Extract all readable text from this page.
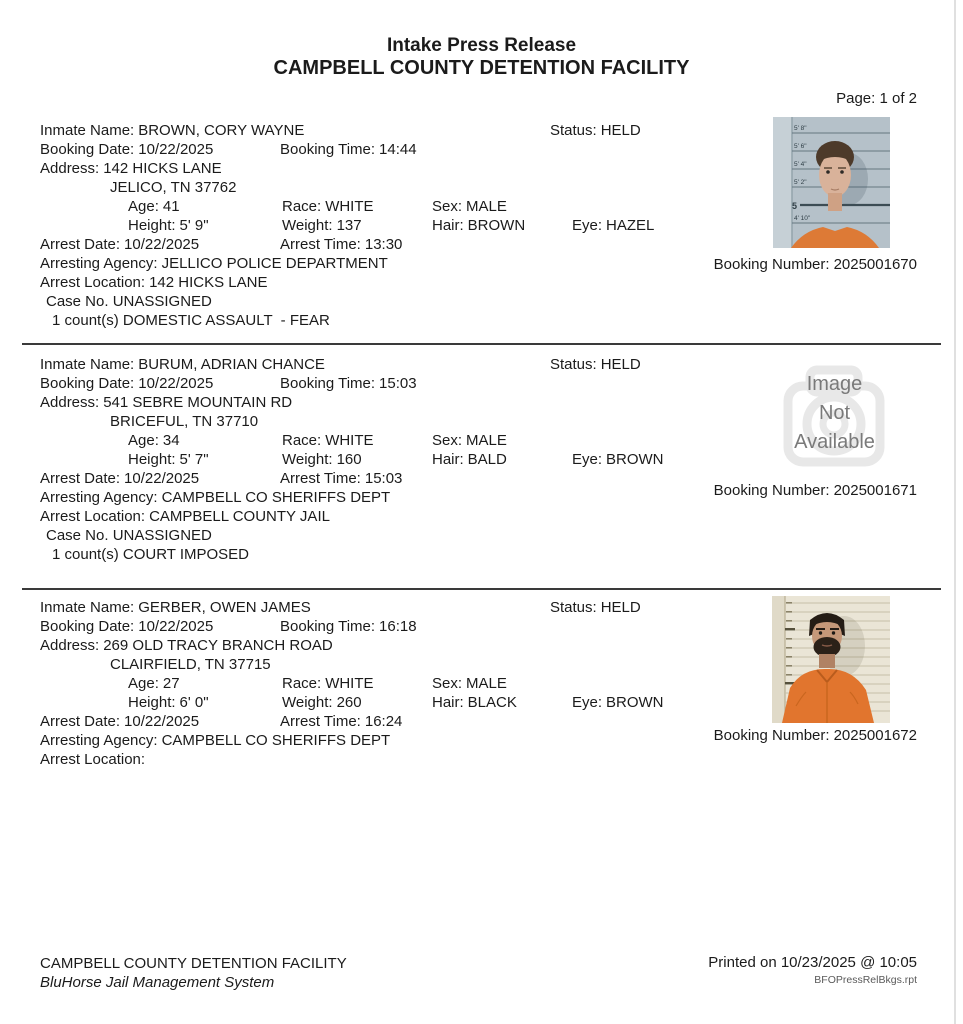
Intake Press Release
CAMPBELL COUNTY DETENTION FACILITY
Page: 1 of 2
Inmate Name: BROWN, CORY WAYNE	Status: HELD
Booking Date: 10/22/2025	Booking Time: 14:44
Address: 142 HICKS LANE
JELICO, TN 37762
Age: 41	Race: WHITE	Sex: MALE
Height: 5' 9"	Weight: 137	Hair: BROWN	Eye: HAZEL
Arrest Date: 10/22/2025	Arrest Time: 13:30
Arresting Agency: JELLICO POLICE DEPARTMENT
Arrest Location: 142 HICKS LANE
Case No. UNASSIGNED
1 count(s) DOMESTIC ASSAULT  - FEAR
5' 8"
5' 6"
5' 4"
5' 2"
5
4' 10"
Booking Number: 2025001670
Inmate Name: BURUM, ADRIAN CHANCE	Status: HELD
Booking Date: 10/22/2025	Booking Time: 15:03
Address: 541 SEBRE MOUNTAIN RD
BRICEFUL, TN 37710
Age: 34	Race: WHITE	Sex: MALE
Height: 5' 7"	Weight: 160	Hair: BALD	Eye: BROWN
Arrest Date: 10/22/2025	Arrest Time: 15:03
Arresting Agency: CAMPBELL CO SHERIFFS DEPT
Arrest Location: CAMPBELL COUNTY JAIL
Case No. UNASSIGNED
1 count(s) COURT IMPOSED
Image
Not
Available
Booking Number: 2025001671
Inmate Name: GERBER, OWEN JAMES	Status: HELD
Booking Date: 10/22/2025	Booking Time: 16:18
Address: 269 OLD TRACY BRANCH ROAD
CLAIRFIELD, TN 37715
Age: 27	Race: WHITE	Sex: MALE
Height: 6' 0"	Weight: 260	Hair: BLACK	Eye: BROWN
Arrest Date: 10/22/2025	Arrest Time: 16:24
Arresting Agency: CAMPBELL CO SHERIFFS DEPT
Arrest Location:
Booking Number: 2025001672
CAMPBELL COUNTY DETENTION FACILITY
BluHorse Jail Management System
Printed on 10/23/2025 @ 10:05
BFOPressRelBkgs.rpt
